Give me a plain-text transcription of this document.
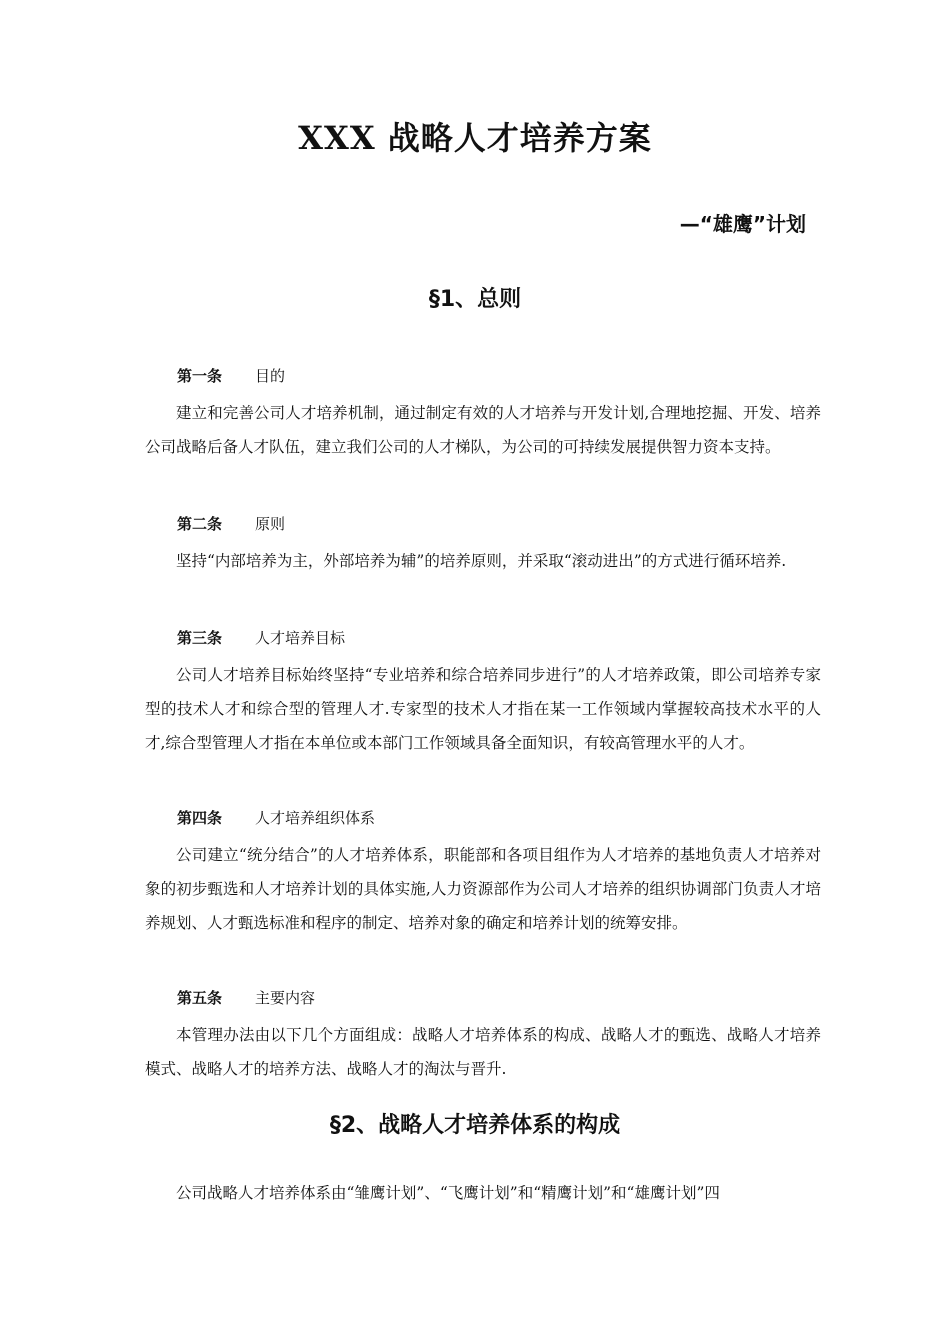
XXX 战略人才培养方案
—“雄鹰”计划
§1、总则
第一条 目的

建立和完善公司人才培养机制，通过制定有效的人才培养与开发计划,合理地挖掘、开发、培养公司战略后备人才队伍，建立我们公司的人才梯队，为公司的可持续发展提供智力资本支持。

第二条 原则

坚持“内部培养为主，外部培养为辅”的培养原则，并采取“滚动进出”的方式进行循环培养.

第三条 人才培养目标

公司人才培养目标始终坚持“专业培养和综合培养同步进行”的人才培养政策，即公司培养专家型的技术人才和综合型的管理人才.专家型的技术人才指在某一工作领域内掌握较高技术水平的人才,综合型管理人才指在本单位或本部门工作领域具备全面知识，有较高管理水平的人才。

第四条 人才培养组织体系

公司建立“统分结合”的人才培养体系，职能部和各项目组作为人才培养的基地负责人才培养对象的初步甄选和人才培养计划的具体实施,人力资源部作为公司人才培养的组织协调部门负责人才培养规划、人才甄选标准和程序的制定、培养对象的确定和培养计划的统筹安排。

第五条 主要内容

本管理办法由以下几个方面组成：战略人才培养体系的构成、战略人才的甄选、战略人才培养模式、战略人才的培养方法、战略人才的淘汰与晋升.

§2、战略人才培养体系的构成

公司战略人才培养体系由“雏鹰计划”、“飞鹰计划”和“精鹰计划”和“雄鹰计划”四
